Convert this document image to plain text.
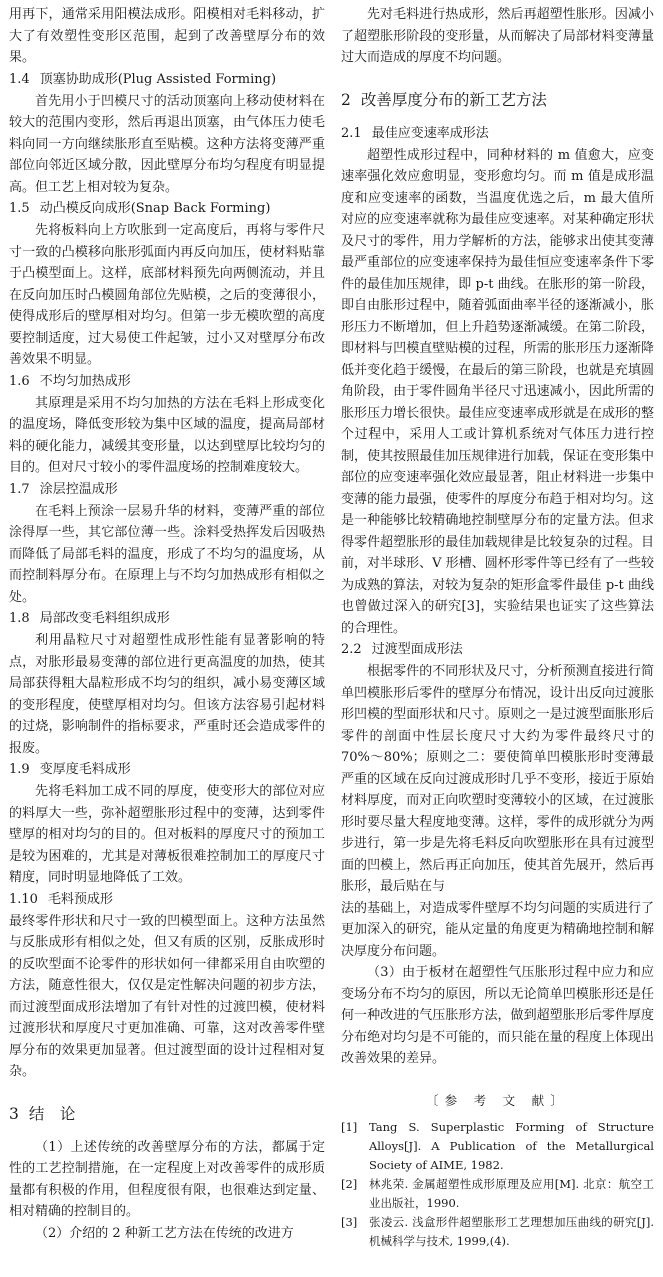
用再下，通常采用阳模法成形。阳模相对毛料移动，扩大了有效塑性变形区范围，起到了改善壁厚分布的效果。

1.4 顶塞协助成形(Plug Assisted Forming)

首先用小于凹模尺寸的活动顶塞向上移动使材料在较大的范围内变形，然后再退出顶塞，由气体压力使毛料向同一方向继续胀形直至贴模。这种方法将变薄严重部位向邻近区域分散，因此壁厚分布均匀程度有明显提高。但工艺上相对较为复杂。

1.5 动凸模反向成形(Snap Back Forming)

先将板料向上方吹胀到一定高度后，再将与零件尺寸一致的凸模移向胀形弧面内再反向加压，使材料贴靠于凸模型面上。这样，底部材料预先向两侧流动，并且在反向加压时凸模圆角部位先贴模，之后的变薄很小，使得成形后的壁厚相对均匀。但第一步无模吹塑的高度要控制适度，过大易使工件起皱，过小又对壁厚分布改善效果不明显。

1.6 不均匀加热成形

其原理是采用不均匀加热的方法在毛料上形成变化的温度场，降低变形较为集中区域的温度，提高局部材料的硬化能力，减缓其变形量，以达到壁厚比较均匀的目的。但对尺寸较小的零件温度场的控制难度较大。

1.7 涂层控温成形

在毛料上预涂一层易升华的材料，变薄严重的部位涂得厚一些，其它部位薄一些。涂料受热挥发后因吸热而降低了局部毛料的温度，形成了不均匀的温度场，从而控制料厚分布。在原理上与不均匀加热成形有相似之处。

1.8 局部改变毛料组织成形

利用晶粒尺寸对超塑性成形性能有显著影响的特点，对胀形最易变薄的部位进行更高温度的加热，使其局部获得粗大晶粒形成不均匀的组织，减小易变薄区域的变形程度，使壁厚相对均匀。但该方法容易引起材料的过烧，影响制件的指标要求，严重时还会造成零件的报废。

1.9 变厚度毛料成形

先将毛料加工成不同的厚度，使变形大的部位对应的料厚大一些，弥补超塑胀形过程中的变薄，达到零件壁厚的相对均匀的目的。但对板料的厚度尺寸的预加工是较为困难的，尤其是对薄板很难控制加工的厚度尺寸精度，同时明显地降低了工效。

1.10 毛料预成形

最终零件形状和尺寸一致的凹模型面上。这种方法虽然与反胀成形有相似之处，但又有质的区别，反胀成形时的反吹型面不论零件的形状如何一律都采用自由吹塑的方法，随意性很大，仅仅是定性解决问题的初步方法，而过渡型面成形法增加了有针对性的过渡凹模，使材料过渡形状和厚度尺寸更加准确、可靠，这对改善零件壁厚分布的效果更加显著。但过渡型面的设计过程相对复杂。

3 结　论

（1）上述传统的改善壁厚分布的方法，都属于定性的工艺控制措施，在一定程度上对改善零件的成形质量都有积极的作用，但程度很有限，也很难达到定量、相对精确的控制目的。

（2）介绍的 2 种新工艺方法在传统的改进方

先对毛料进行热成形，然后再超塑性胀形。因减小了超塑胀形阶段的变形量，从而解决了局部材料变薄量过大而造成的厚度不均问题。

2 改善厚度分布的新工艺方法
2.1 最佳应变速率成形法

超塑性成形过程中，同种材料的 m 值愈大，应变速率强化效应愈明显，变形愈均匀。而 m 值是成形温度和应变速率的函数，当温度优选之后，m 最大值所对应的应变速率就称为最佳应变速率。对某种确定形状及尺寸的零件，用力学解析的方法，能够求出使其变薄最严重部位的应变速率保持为最佳恒应变速率条件下零件的最佳加压规律，即 p-t 曲线。在胀形的第一阶段，即自由胀形过程中，随着弧面曲率半径的逐渐减小，胀形压力不断增加，但上升趋势逐渐减缓。在第二阶段，即材料与凹模直壁贴模的过程，所需的胀形压力逐渐降低并变化趋于缓慢，在最后的第三阶段，也就是充填圆角阶段，由于零件圆角半径尺寸迅速减小，因此所需的胀形压力增长很快。最佳应变速率成形就是在成形的整个过程中，采用人工或计算机系统对气体压力进行控制，使其按照最佳加压规律进行加载，保证在变形集中部位的应变速率强化效应最显著，阻止材料进一步集中变薄的能力最强，使零件的厚度分布趋于相对均匀。这是一种能够比较精确地控制壁厚分布的定量方法。但求得零件超塑胀形的最佳加载规律是比较复杂的过程。目前，对半球形、V 形槽、圆杯形零件等已经有了一些较为成熟的算法，对较为复杂的矩形盒零件最佳 p-t 曲线也曾做过深入的研究[3]，实验结果也证实了这些算法的合理性。

2.2 过渡型面成形法

根据零件的不同形状及尺寸，分析预测直接进行简单凹模胀形后零件的壁厚分布情况，设计出反向过渡胀形凹模的型面形状和尺寸。原则之一是过渡型面胀形后零件的剖面中性层长度尺寸大约为零件最终尺寸的 70%～80%；原则之二：要使简单凹模胀形时变薄最严重的区域在反向过渡成形时几乎不变形，接近于原始材料厚度，而对正向吹塑时变薄较小的区域，在过渡胀形时要尽量大程度地变薄。这样，零件的成形就分为两步进行，第一步是先将毛料反向吹塑胀形在具有过渡型面的凹模上，然后再正向加压，使其首先展开，然后再胀形，最后贴在与

法的基础上，对造成零件壁厚不均匀问题的实质进行了更加深入的研究，能从定量的角度更为精确地控制和解决厚度分布问题。

（3）由于板材在超塑性气压胀形过程中应力和应变场分布不均匀的原因，所以无论简单凹模胀形还是任何一种改进的气压胀形方法，做到超塑胀形后零件厚度分布绝对均匀是不可能的，而只能在量的程度上体现出改善效果的差异。

〔参 考 文 献〕
[1]	Tang S. Superplastic Forming of Structure Alloys[J]. A Publication of the Metallurgical Society of AIME, 1982.
[2]	林兆荣. 金属超塑性成形原理及应用[M]. 北京：航空工业出版社，1990.
[3]	张凌云. 浅盒形件超塑胀形工艺理想加压曲线的研究[J]. 机械科学与技术, 1999,(4).
